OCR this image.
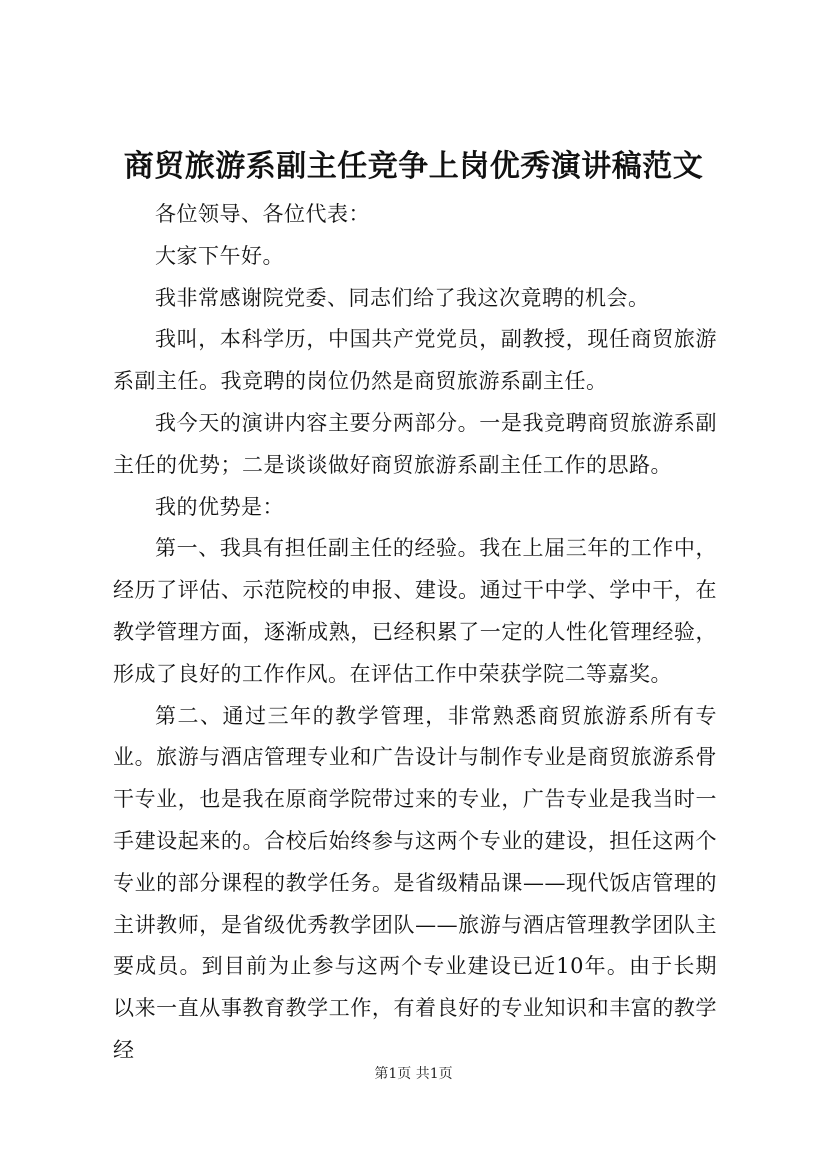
商贸旅游系副主任竞争上岗优秀演讲稿范文

各位领导、各位代表：

大家下午好。

我非常感谢院党委、同志们给了我这次竟聘的机会。

我叫，本科学历，中国共产党党员，副教授，现任商贸旅游系副主任。我竞聘的岗位仍然是商贸旅游系副主任。

我今天的演讲内容主要分两部分。一是我竞聘商贸旅游系副主任的优势；二是谈谈做好商贸旅游系副主任工作的思路。

我的优势是：

第一、我具有担任副主任的经验。我在上届三年的工作中，经历了评估、示范院校的申报、建设。通过干中学、学中干，在教学管理方面，逐渐成熟，已经积累了一定的人性化管理经验，形成了良好的工作作风。在评估工作中荣获学院二等嘉奖。

第二、通过三年的教学管理，非常熟悉商贸旅游系所有专业。旅游与酒店管理专业和广告设计与制作专业是商贸旅游系骨干专业，也是我在原商学院带过来的专业，广告专业是我当时一手建设起来的。合校后始终参与这两个专业的建设，担任这两个专业的部分课程的教学任务。是省级精品课——现代饭店管理的主讲教师，是省级优秀教学团队——旅游与酒店管理教学团队主要成员。到目前为止参与这两个专业建设已近10年。由于长期以来一直从事教育教学工作，有着良好的专业知识和丰富的教学经

第1页 共1页
